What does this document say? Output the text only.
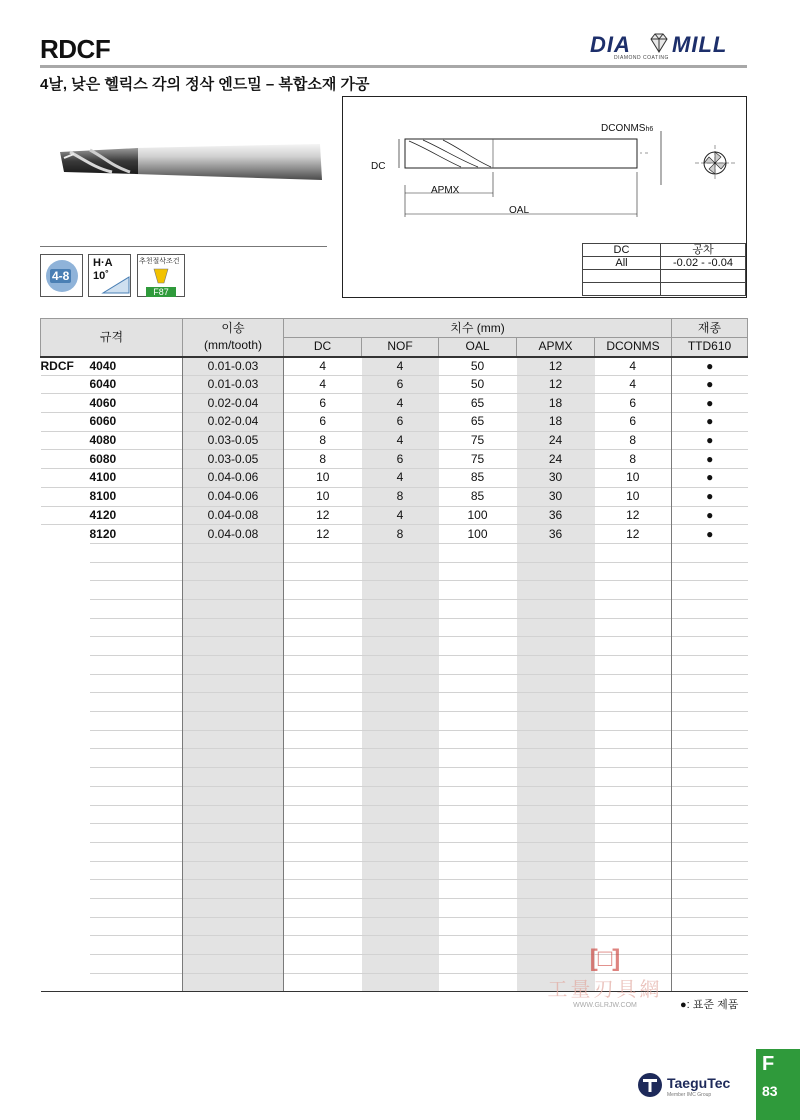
RDCF	DIA MILL
DIAMOND COATING
4날, 낮은 헬릭스 각의 정삭 엔드밀 – 복합소재 가공
4-8
H·A
10˚
추천절삭조건
F87
DCONMSh6
DC
APMX
OAL
DC	공차
All	-0.02 - -0.04

규격		이송
(mm/tooth)	치수 (mm)					재종
			DC	NOF	OAL	APMX	DCONMS	TTD610
RDCF	4040	0.01-0.03	4	4	50	12	4	●
	6040	0.01-0.03	4	6	50	12	4	●
	4060	0.02-0.04	6	4	65	18	6	●
	6060	0.02-0.04	6	6	65	18	6	●
	4080	0.03-0.05	8	4	75	24	8	●
	6080	0.03-0.05	8	6	75	24	8	●
	4100	0.04-0.06	10	4	85	30	10	●
	8100	0.04-0.06	10	8	85	30	10	●
	4120	0.04-0.08	12	4	100	36	12	●
	8120	0.04-0.08	12	8	100	36	12	●

[□]
工量刃具網
WWW.GLRJW.COM	●: 표준 제품
TaeguTec
Member IMC Group
F
83
